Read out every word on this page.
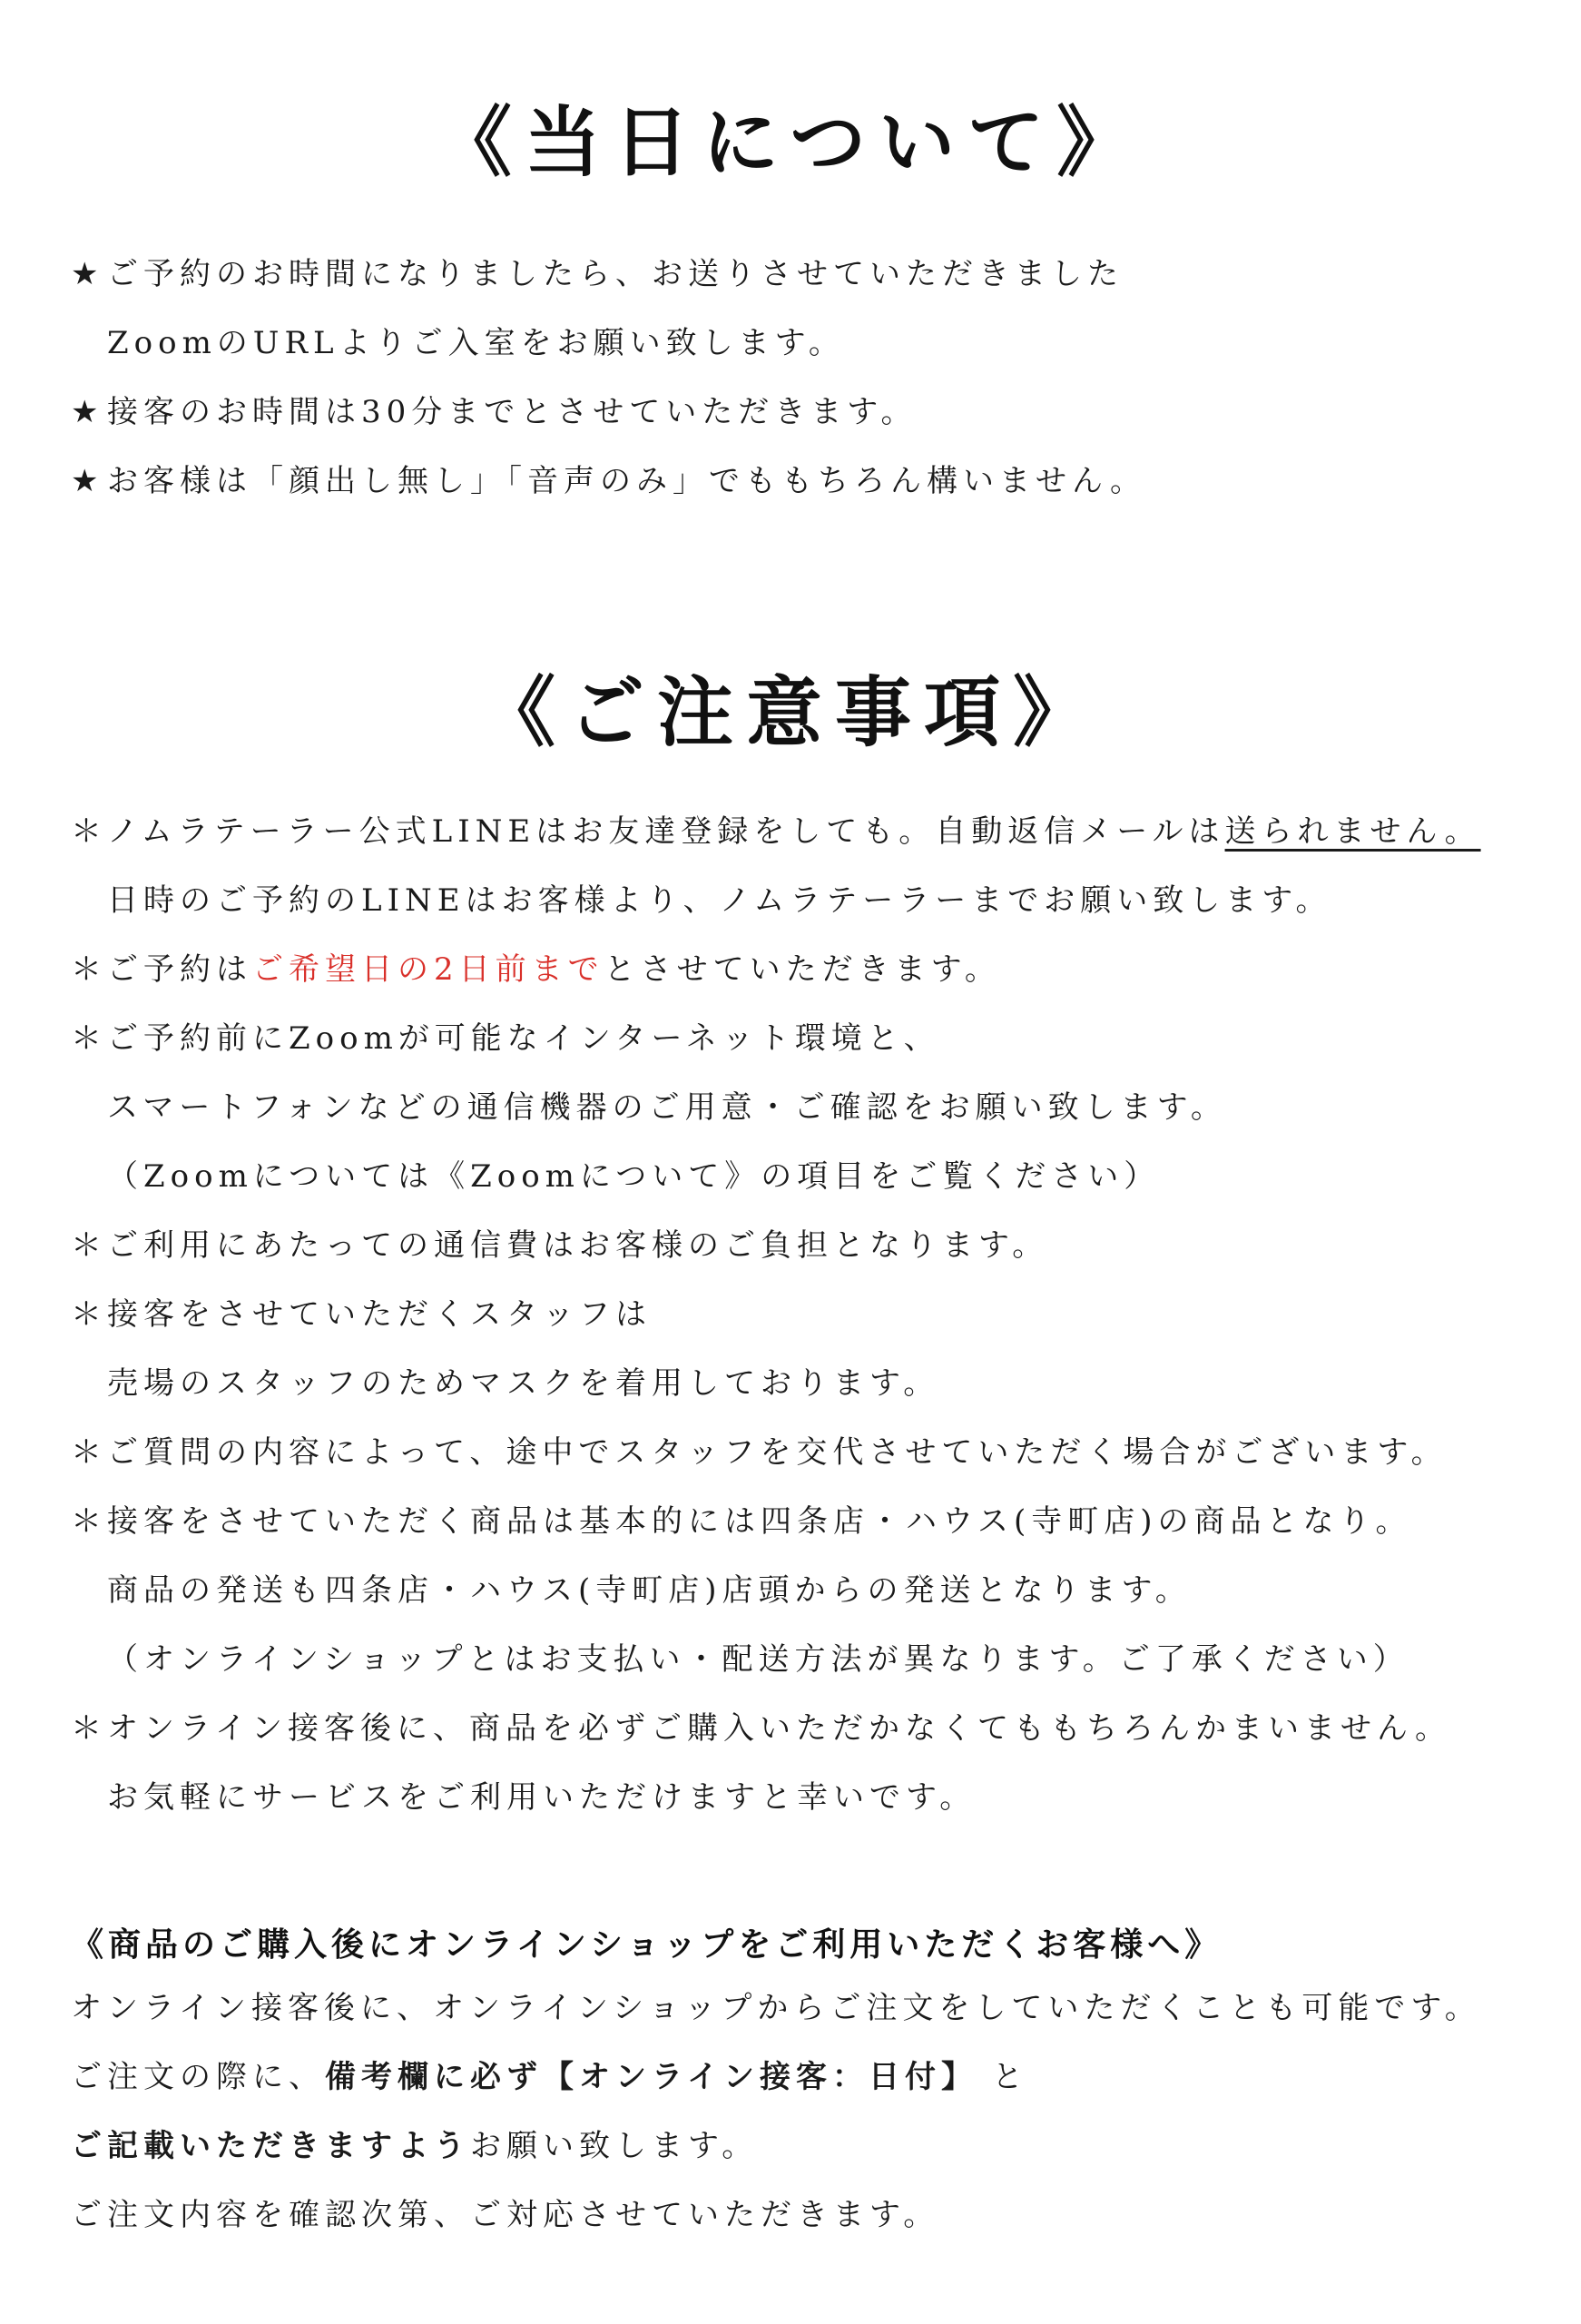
《当日について》
★ ご予約のお時間になりましたら、お送りさせていただきました
ZoomのURLよりご入室をお願い致します。
★ 接客のお時間は30分までとさせていただきます。
★ お客様は「顔出し無し」「音声のみ」でももちろん構いません。
《ご注意事項》
＊ノムラテーラー公式LINEはお友達登録をしても。自動返信メールは送られません。
日時のご予約のLINEはお客様より、ノムラテーラーまでお願い致します。
＊ご予約はご希望日の2日前までとさせていただきます。
＊ご予約前にZoomが可能なインターネット環境と、
スマートフォンなどの通信機器のご用意・ご確認をお願い致します。
（Zoomについては《Zoomについて》の項目をご覧ください）
＊ご利用にあたっての通信費はお客様のご負担となります。
＊接客をさせていただくスタッフは
売場のスタッフのためマスクを着用しております。
＊ご質問の内容によって、途中でスタッフを交代させていただく場合がございます。
＊接客をさせていただく商品は基本的には四条店・ハウス(寺町店)の商品となり。
商品の発送も四条店・ハウス(寺町店)店頭からの発送となります。
（オンラインショップとはお支払い・配送方法が異なります。ご了承ください）
＊オンライン接客後に、商品を必ずご購入いただかなくてももちろんかまいません。
お気軽にサービスをご利用いただけますと幸いです。
《商品のご購入後にオンラインショップをご利用いただくお客様へ》
オンライン接客後に、オンラインショップからご注文をしていただくことも可能です。
ご注文の際に、備考欄に必ず【オンライン接客：日付】 と
ご記載いただきますようお願い致します。
ご注文内容を確認次第、ご対応させていただきます。
